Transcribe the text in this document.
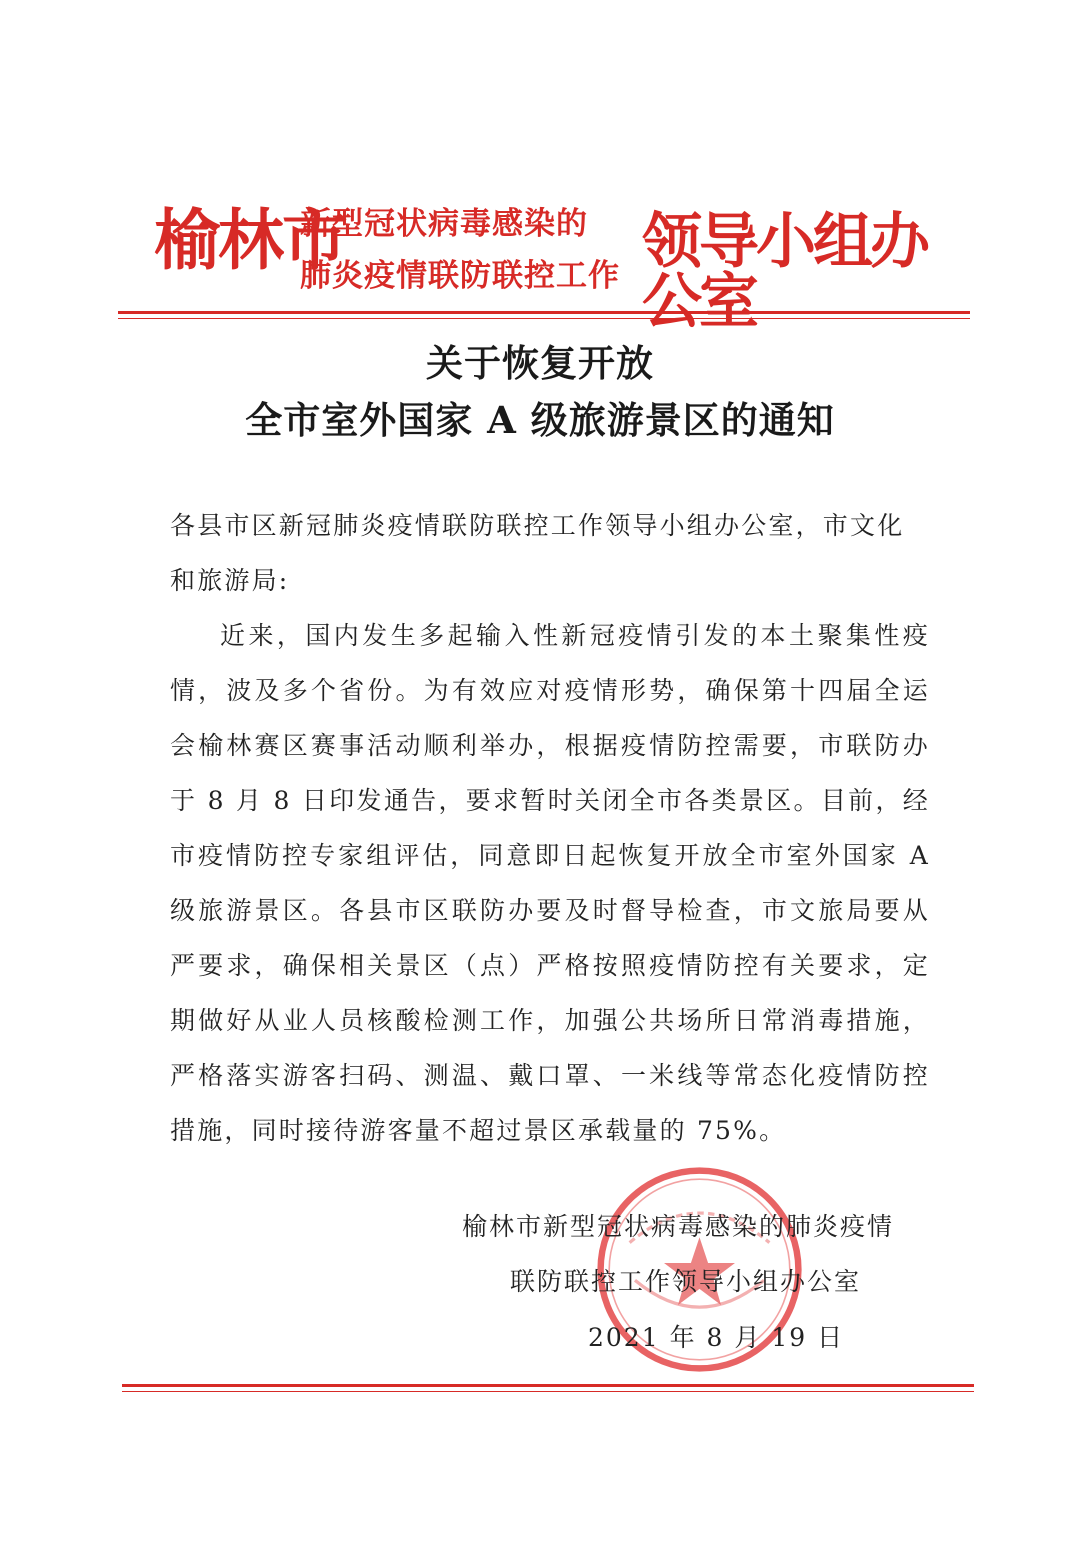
榆林市
新型冠状病毒感染的
肺炎疫情联防联控工作 领导小组办公室
关于恢复开放
全市室外国家 A 级旅游景区的通知

各县市区新冠肺炎疫情联防联控工作领导小组办公室，市文化和旅游局:

近来，国内发生多起输入性新冠疫情引发的本土聚集性疫情，波及多个省份。为有效应对疫情形势，确保第十四届全运会榆林赛区赛事活动顺利举办，根据疫情防控需要，市联防办于 8 月 8 日印发通告，要求暂时关闭全市各类景区。目前，经市疫情防控专家组评估，同意即日起恢复开放全市室外国家 A 级旅游景区。各县市区联防办要及时督导检查，市文旅局要从严要求，确保相关景区（点）严格按照疫情防控有关要求，定期做好从业人员核酸检测工作，加强公共场所日常消毒措施，严格落实游客扫码、测温、戴口罩、一米线等常态化疫情防控措施，同时接待游客量不超过景区承载量的 75%。

榆林市新型冠状病毒感染的肺炎疫情
联防联控工作领导小组办公室
2021 年 8 月 19 日
